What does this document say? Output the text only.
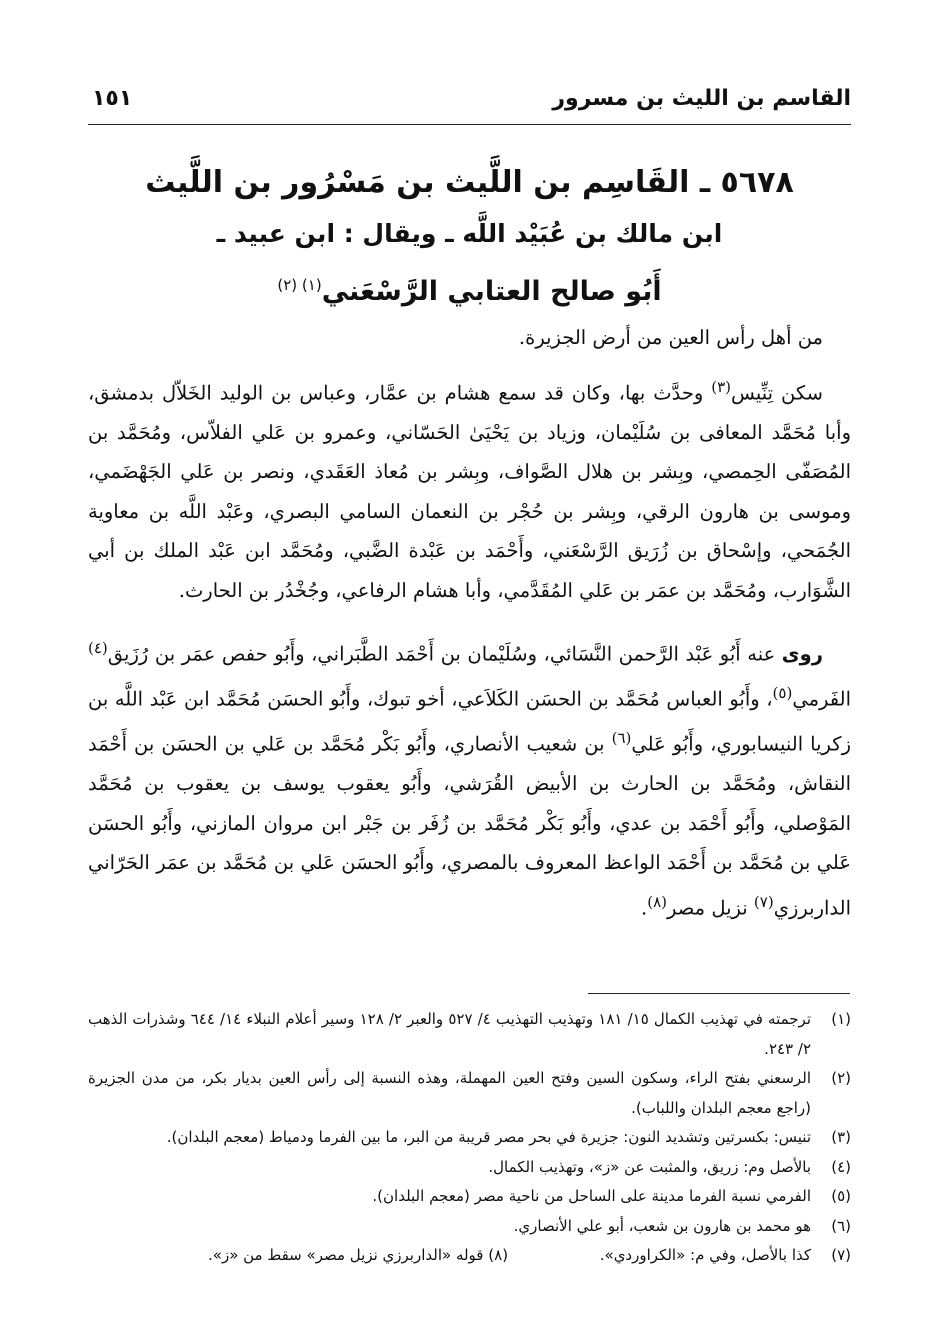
القاسم بن الليث بن مسرور
١٥١
٥٦٧٨ ـ القَاسِم بن اللَّيث بن مَسْرُور بن اللَّيث
ابن مالك بن عُبَيْد اللَّه ـ ويقال : ابن عبيد ـ
أَبُو صالح العتابي الرَّسْعَني$^{(١) (٢)}$

من أهل رأس العين من أرض الجزيرة.

سكن تِنِّيس$^{(٣)}$ وحدَّث بها، وكان قد سمع هشام بن عمَّار، وعباس بن الوليد الخَلاّل بدمشق، وأبا مُحَمَّد المعافى بن سُلَيْمان، وزياد بن يَحْيَىٰ الحَسّاني، وعمرو بن عَلي الفلاّس، ومُحَمَّد بن المُصَفّى الحِمصي، وبِشر بن هلال الصَّواف، وبِشر بن مُعاذ العَقَدي، ونصر بن عَلي الجَهْضَمي، وموسى بن هارون الرقي، وبِشر بن حُجْر بن النعمان السامي البصري، وعَبْد اللَّه بن معاوية الجُمَحي، وإسْحاق بن زُرَيق الرَّسْعَني، وأَحْمَد بن عَبْدة الضَّبي، ومُحَمَّد ابن عَبْد الملك بن أبي الشَّوَارب، ومُحَمَّد بن عمَر بن عَلي المُقَدَّمي، وأبا هشام الرفاعي، وجُخْدُر بن الحارث.

روى عنه أَبُو عَبْد الرَّحمن النَّسَائي، وسُلَيْمان بن أَحْمَد الطَّبَراني، وأَبُو حفص عمَر بن رُزَيق$^{(٤)}$ الفَرمي$^{(٥)}$، وأَبُو العباس مُحَمَّد بن الحسَن الكَلاَعي، أخو تبوك، وأَبُو الحسَن مُحَمَّد ابن عَبْد اللَّه بن زكريا النيسابوري، وأَبُو عَلي$^{(٦)}$ بن شعيب الأنصاري، وأَبُو بَكْر مُحَمَّد بن عَلي بن الحسَن بن أَحْمَد النقاش، ومُحَمَّد بن الحارث بن الأبيض القُرَشي، وأَبُو يعقوب يوسف بن يعقوب بن مُحَمَّد المَوْصلي، وأَبُو أَحْمَد بن عدي، وأَبُو بَكْر مُحَمَّد بن زُفَر بن جَبْر ابن مروان المازني، وأَبُو الحسَن عَلي بن مُحَمَّد بن أَحْمَد الواعظ المعروف بالمصري، وأَبُو الحسَن عَلي بن مُحَمَّد بن عمَر الحَرّاني الداربرزي$^{(٧)}$ نزيل مصر$^{(٨)}$.

(١)
ترجمته في تهذيب الكمال ١٥/ ١٨١ وتهذيب التهذيب ٤/ ٥٢٧ والعبر ٢/ ١٢٨ وسير أعلام النبلاء ١٤/ ٦٤٤ وشذرات الذهب ٢/ ٢٤٣.
(٢)
الرسعني بفتح الراء، وسكون السين وفتح العين المهملة، وهذه النسبة إلى رأس العين بديار بكر، من مدن الجزيرة (راجع معجم البلدان واللباب).
(٣)
تنيس: بكسرتين وتشديد النون: جزيرة في بحر مصر قريبة من البر، ما بين الفرما ودمياط (معجم البلدان).
(٤)
بالأصل وم: زريق، والمثبت عن «ز»، وتهذيب الكمال.
(٥)
الفرمي نسبة الفرما مدينة على الساحل من ناحية مصر (معجم البلدان).
(٦)
هو محمد بن هارون بن شعب، أبو علي الأنصاري.
(٧)
كذا بالأصل، وفي م: «الكراوردي».
(٨) قوله «الداربرزي نزيل مصر» سقط من «ز».
